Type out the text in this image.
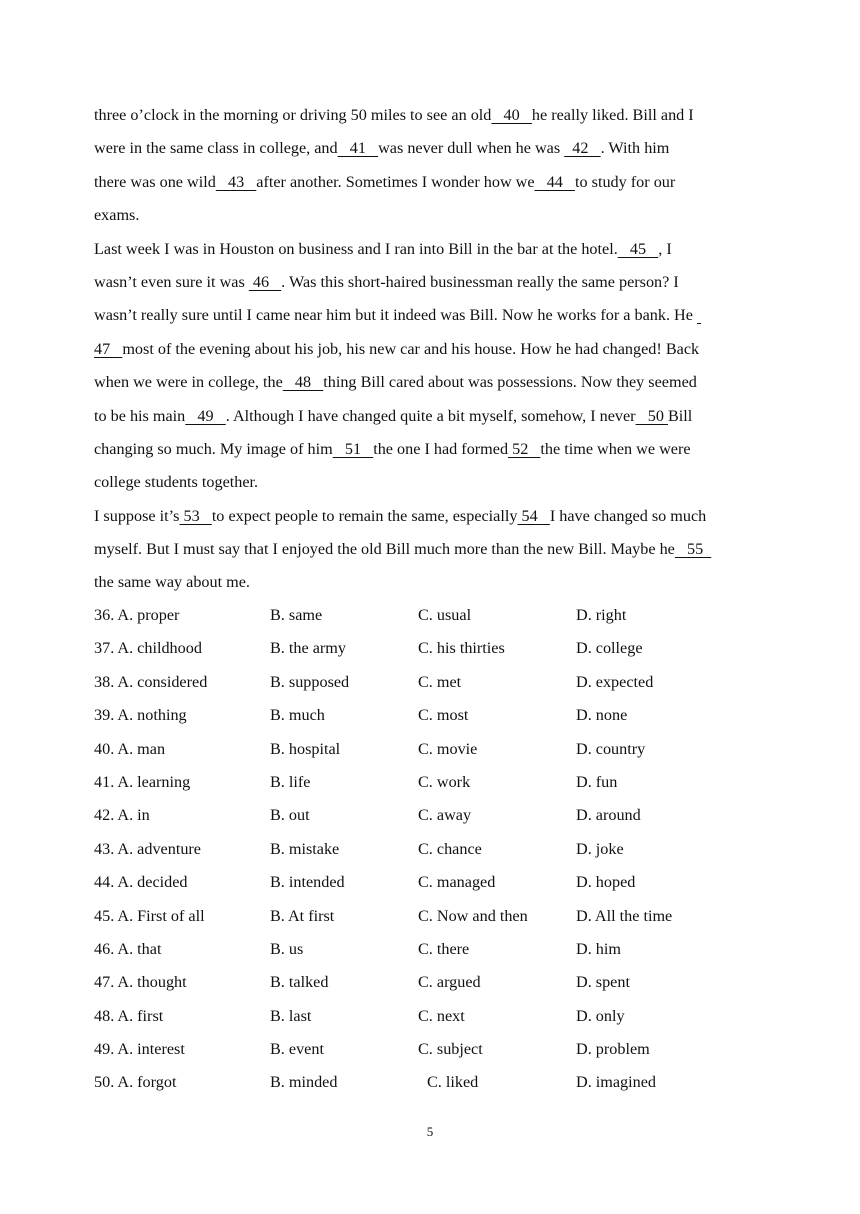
three o’clock in the morning or driving 50 miles to see an old   40   he really liked. Bill and I
were in the same class in college, and   41   was never dull when he was   42   . With him
there was one wild   43   after another. Sometimes I wonder how we   44   to study for our
exams.
Last week I was in Houston on business and I ran into Bill in the bar at the hotel.   45   , I
wasn’t even sure it was  46   . Was this short-haired businessman really the same person? I
wasn’t really sure until I came near him but it indeed was Bill. Now he works for a bank. He
47   most of the evening about his job, his new car and his house. How he had changed! Back
when we were in college, the   48   thing Bill cared about was possessions. Now they seemed
to be his main   49   . Although I have changed quite a bit myself, somehow, I never   50 Bill
changing so much. My image of him   51   the one I had formed 52   the time when we were
college students together.
I suppose it’s 53   to expect people to remain the same, especially 54   I have changed so much
myself. But I must say that I enjoyed the old Bill much more than the new Bill. Maybe he   55
the same way about me.
36. A. proper	B. same	C. usual	D. right
37. A. childhood	B. the army	C. his thirties	D. college
38. A. considered	B. supposed	C. met	D. expected
39. A. nothing	B. much	C. most	D. none
40. A. man	B. hospital	C. movie	D. country
41. A. learning	B. life	C. work	D. fun
42. A. in	B. out	C. away	D. around
43. A. adventure	B. mistake	C. chance	D. joke
44. A. decided	B. intended	C. managed	D. hoped
45. A. First of all	B. At first	C. Now and then	D. All the time
46. A. that	B. us	C. there	D. him
47. A. thought	B. talked	C. argued	D. spent
48. A. first	B. last	C. next	D. only
49. A. interest	B. event	C. subject	D. problem
50. A. forgot	B. minded	C. liked	D. imagined
5
